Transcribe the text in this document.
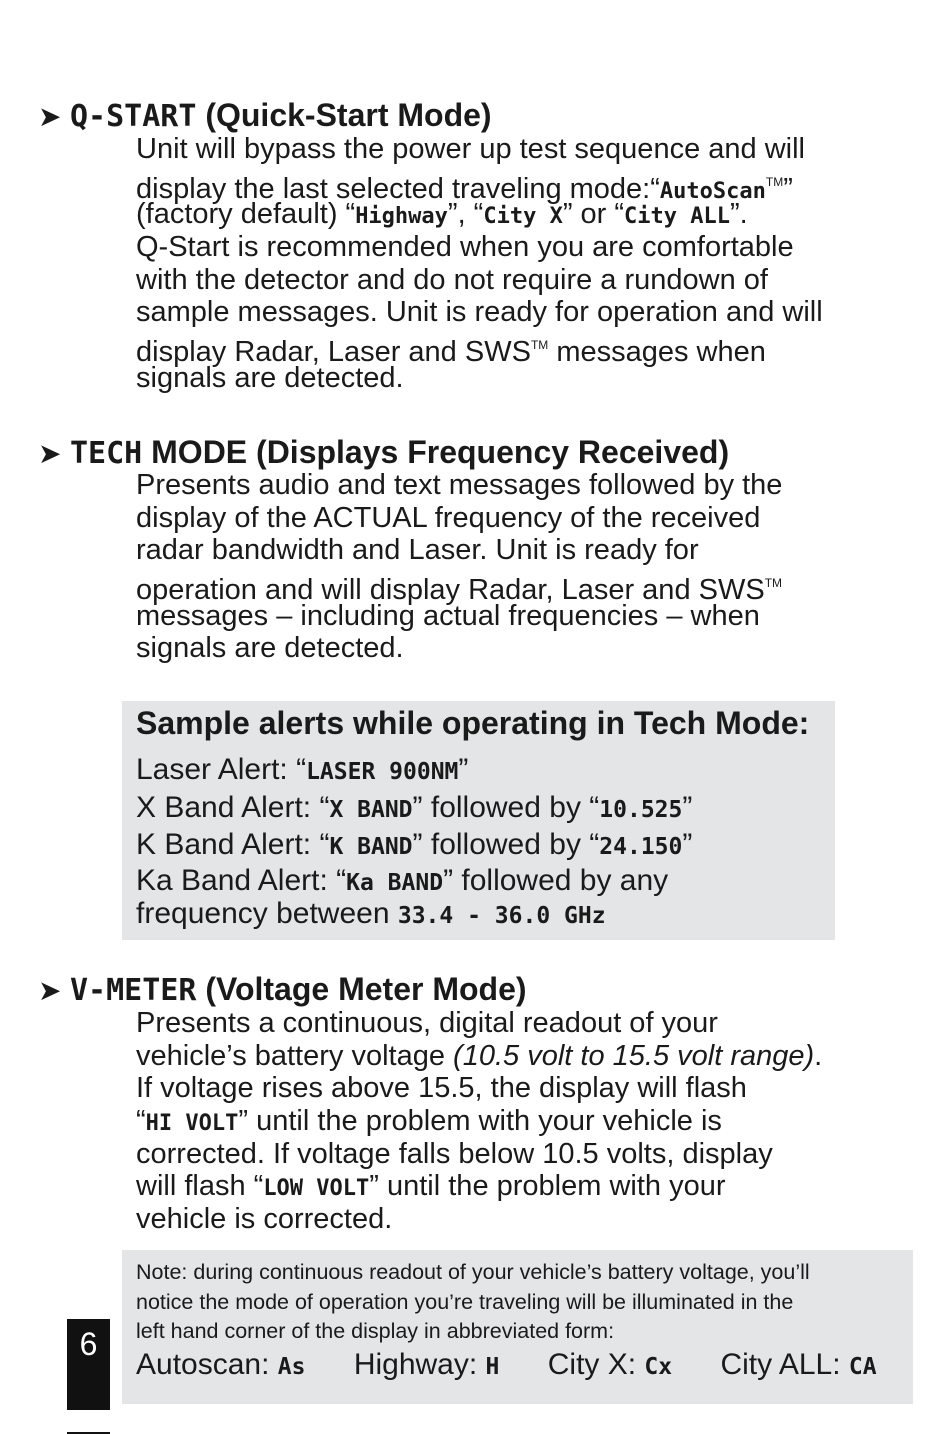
➤ Q-START (Quick-Start Mode)
Unit will bypass the power up test sequence and will
display the last selected traveling mode:“AutoScan™”
(factory default) “Highway”, “City X” or “City ALL”.
Q-Start is recommended when you are comfortable
with the detector and do not require a rundown of
sample messages. Unit is ready for operation and will
display Radar, Laser and SWS™ messages when
signals are detected.
➤ TECH MODE (Displays Frequency Received)
Presents audio and text messages followed by the
display of the ACTUAL frequency of the received
radar bandwidth and Laser. Unit is ready for
operation and will display Radar, Laser and SWS™
messages – including actual frequencies – when
signals are detected.
Sample alerts while operating in Tech Mode:
Laser Alert: “LASER 900NM”
X Band Alert: “X BAND” followed by “10.525”
K Band Alert: “K BAND” followed by “24.150”
Ka Band Alert: “Ka BAND” followed by any
frequency between 33.4 - 36.0 GHz
➤ V-METER (Voltage Meter Mode)
Presents a continuous, digital readout of your
vehicle’s battery voltage (10.5 volt to 15.5 volt range).
If voltage rises above 15.5, the display will flash
“HI VOLT” until the problem with your vehicle is
corrected. If voltage falls below 10.5 volts, display
will flash “LOW VOLT” until the problem with your
vehicle is corrected.
Note: during continuous readout of your vehicle’s battery voltage, you’ll
notice the mode of operation you’re traveling will be illuminated in the
left hand corner of the display in abbreviated form:
Autoscan: As Highway: H City X: Cx City ALL: CA
6
